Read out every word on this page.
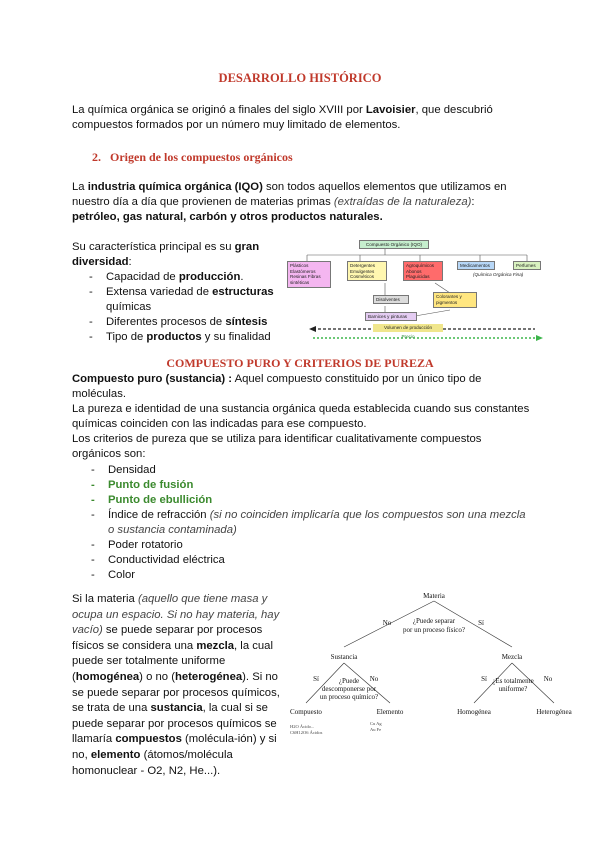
DESARROLLO HISTÓRICO

La química orgánica se originó a finales del siglo XVIII por Lavoisier, que descubrió compuestos formados por un número muy limitado de elementos.

2. Origen de los compuestos orgánicos

La industria química orgánica (IQO) son todos aquellos elementos que utilizamos en nuestro día a día que provienen de materias primas (extraídas de la naturaleza): petróleo, gas natural, carbón y otros productos naturales.

Su característica principal es su gran diversidad:

- Capacidad de producción.
- Extensa variedad de estructuras químicas
- Diferentes procesos de síntesis
- Tipo de productos y su finalidad
Compuesto Orgánico (IQO)
Plásticos Elastómeros Resinas Fibras sintéticas
Detergentes Emulgentes Cosméticos
Agroquímicos Abonos Plaguicidas
Medicamentos	Perfumes
(Química Orgánica Fina)
Disolventes
Colorantes y pigmentos
Barnices y pinturas
Volumen de producción
Precio
COMPUESTO PURO Y CRITERIOS DE PUREZA

Compuesto puro (sustancia) : Aquel compuesto constituido por un único tipo de moléculas.

La pureza e identidad de una sustancia orgánica queda establecida cuando sus constantes químicas coinciden con las indicadas para ese compuesto.

Los criterios de pureza que se utiliza para identificar cualitativamente compuestos orgánicos son:

- Densidad
- Punto de fusión
- Punto de ebullición
- Índice de refracción (si no coinciden implicaría que los compuestos son una mezcla o sustancia contaminada)
- Poder rotatorio
- Conductividad eléctrica
- Color

Si la materia (aquello que tiene masa y ocupa un espacio. Si no hay materia, hay vacío) se puede separar por procesos físicos se considera una mezcla, la cual puede ser totalmente uniforme (homogénea) o no (heterogénea). Si no se puede separar por procesos químicos, se trata de una sustancia, la cual si se puede separar por procesos químicos se llamaría compuestos (molécula-ión) y si no, elemento (átomos/molécula homonuclear - O2, N2, He...).

Materia
¿Puede separar
por un proceso físico?
No	Sí
Sustancia	Mezcla
¿Puede
descomponerse por
un proceso químico?
¿Es totalmente
uniforme?
Sí	No	Sí	No
Compuesto	Elemento	Homogénea	Heterogénea
H2O Ácido...
C6H12O6 Ácidos
Cu Ag
Au Fe
